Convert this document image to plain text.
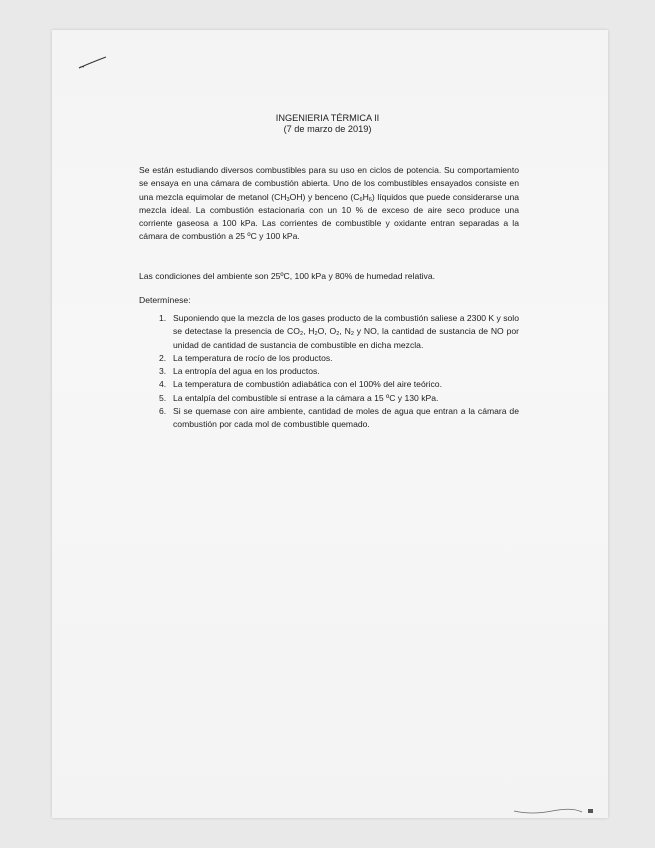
INGENIERIA TÉRMICA II
(7 de marzo de 2019)
Se están estudiando diversos combustibles para su uso en ciclos de potencia. Su comportamiento se ensaya en una cámara de combustión abierta. Uno de los combustibles ensayados consiste en una mezcla equimolar de metanol $(CH_3OH)$ y benceno $(C_6H_6)$ líquidos que puede considerarse una mezcla ideal. La combustión estacionaria con un 10 % de exceso de aire seco produce una corriente gaseosa a 100 kPa. Las corrientes de combustible y oxidante entran separadas a la cámara de combustión a 25 ºC y 100 kPa.
Las condiciones del ambiente son 25ºC, 100 kPa y 80% de humedad relativa.
Determínese:
1. Suponiendo que la mezcla de los gases producto de la combustión saliese a 2300 K y solo se detectase la presencia de $CO_2$, $H_2O$, $O_2$, $N_2$ y NO, la cantidad de sustancia de NO por unidad de cantidad de sustancia de combustible en dicha mezcla.
2. La temperatura de rocío de los productos.
3. La entropía del agua en los productos.
4. La temperatura de combustión adiabática con el 100% del aire teórico.
5. La entalpía del combustible si entrase a la cámara a 15 ºC y 130 kPa.
6. Si se quemase con aire ambiente, cantidad de moles de agua que entran a la cámara de combustión por cada mol de combustible quemado.
